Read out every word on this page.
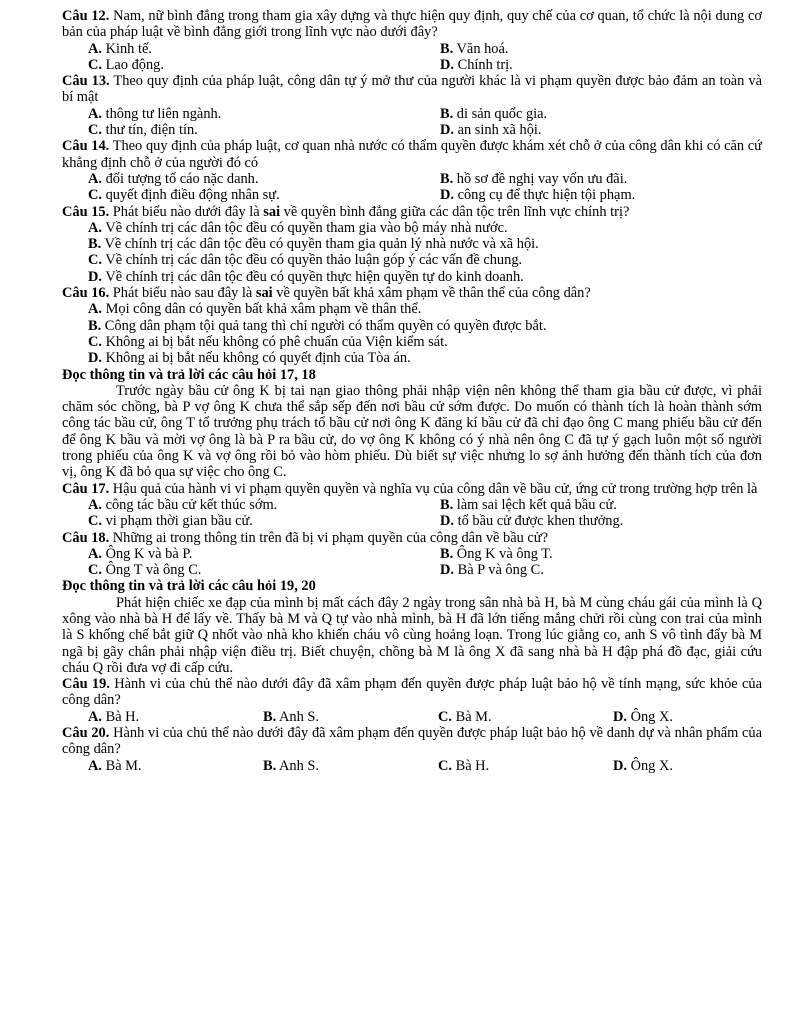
Câu 12. Nam, nữ bình đẳng trong tham gia xây dựng và thực hiện quy định, quy chế của cơ quan, tổ chức là nội dung cơ bản của pháp luật về bình đẳng giới trong lĩnh vực nào dưới đây?
A. Kinh tế.	B. Văn hoá.
C. Lao động.	D. Chính trị.
Câu 13. Theo quy định của pháp luật, công dân tự ý mở thư của người khác là vi phạm quyền được bảo đảm an toàn và bí mật
A. thông tư liên ngành.	B. di sản quốc gia.
C. thư tín, điện tín.	D. an sinh xã hội.
Câu 14. Theo quy định của pháp luật, cơ quan nhà nước có thẩm quyền được khám xét chỗ ở của công dân khi có căn cứ khẳng định chỗ ở của người đó có
A. đối tượng tố cáo nặc danh.	B. hồ sơ đề nghị vay vốn ưu đãi.
C. quyết định điều động nhân sự.	D. công cụ để thực hiện tội phạm.
Câu 15. Phát biểu nào dưới đây là sai về quyền bình đẳng giữa các dân tộc trên lĩnh vực chính trị?
A. Về chính trị các dân tộc đều có quyền tham gia vào bộ máy nhà nước.
B. Về chính trị các dân tộc đều có quyền tham gia quản lý nhà nước và xã hội.
C. Về chính trị các dân tộc đều có quyền thảo luận góp ý các vấn đề chung.
D. Về chính trị các dân tộc đều có quyền thực hiện quyền tự do kinh doanh.
Câu 16. Phát biểu nào sau đây là sai về quyền bất khả xâm phạm về thân thể của công dân?
A. Mọi công dân có quyền bất khả xâm phạm về thân thể.
B. Công dân phạm tội quả tang thì chỉ người có thẩm quyền có quyền được bắt.
C. Không ai bị bắt nếu không có phê chuẩn của Viện kiểm sát.
D. Không ai bị bắt nếu không có quyết định của Tòa án.
Đọc thông tin và trả lời các câu hỏi 17, 18
Trước ngày bầu cử ông K bị tai nạn giao thông phải nhập viện nên không thể tham gia bầu cử được, vì phải chăm sóc chồng, bà P vợ ông K chưa thể sắp sếp đến nơi bầu cử sớm được. Do muốn có thành tích là hoàn thành sớm công tác bầu cử, ông T tổ trưởng phụ trách tổ bầu cử nơi ông K đăng kí bầu cử đã chỉ đạo ông C mang phiếu bầu cử đến để ông K bầu và mời vợ ông là bà P ra bầu cử, do vợ ông K không có ý nhà nên ông C đã tự ý gạch luôn một số người trong phiếu của ông K và vợ ông rồi bỏ vào hòm phiếu. Dù biết sự việc nhưng lo sợ ảnh hưởng đến thành tích của đơn vị, ông K đã bỏ qua sự việc cho ông C.
Câu 17. Hậu quả của hành vi vi phạm quyền quyền và nghĩa vụ của công dân về bầu cử, ứng cử trong trường hợp trên là
A. công tác bầu cử kết thúc sớm.	B. làm sai lệch kết quả bầu cử.
C. vi phạm thời gian bầu cử.	D. tổ bầu cử được khen thưởng.
Câu 18. Những ai trong thông tin trên đã bị vi phạm quyền của công dân về bầu cử?
A. Ông K và bà P.	B. Ông K và ông T.
C. Ông T và ông C.	D. Bà P và ông C.
Đọc thông tin và trả lời các câu hỏi 19, 20
Phát hiện chiếc xe đạp của mình bị mất cách đây 2 ngày trong sân nhà bà H, bà M cùng cháu gái của mình là Q xông vào nhà bà H để lấy về. Thấy bà M và Q tự vào nhà mình, bà H đã lớn tiếng mắng chửi rồi cùng con trai của mình là S khống chế bắt giữ Q nhốt vào nhà kho khiến cháu vô cùng hoảng loạn. Trong lúc giằng co, anh S vô tình đẩy bà M ngã bị gãy chân phải nhập viện điều trị. Biết chuyện, chồng bà M là ông X đã sang nhà bà H đập phá đồ đạc, giải cứu cháu Q rồi đưa vợ đi cấp cứu.
Câu 19. Hành vi của chủ thể nào dưới đây đã xâm phạm đến quyền được pháp luật bảo hộ về tính mạng, sức khỏe của công dân?
A. Bà H.	B. Anh S.	C. Bà M.	D. Ông X.
Câu 20. Hành vi của chủ thể nào dưới đây đã xâm phạm đến quyền được pháp luật bảo hộ về danh dự và nhân phẩm của công dân?
A. Bà M.	B. Anh S.	C. Bà H.	D. Ông X.
